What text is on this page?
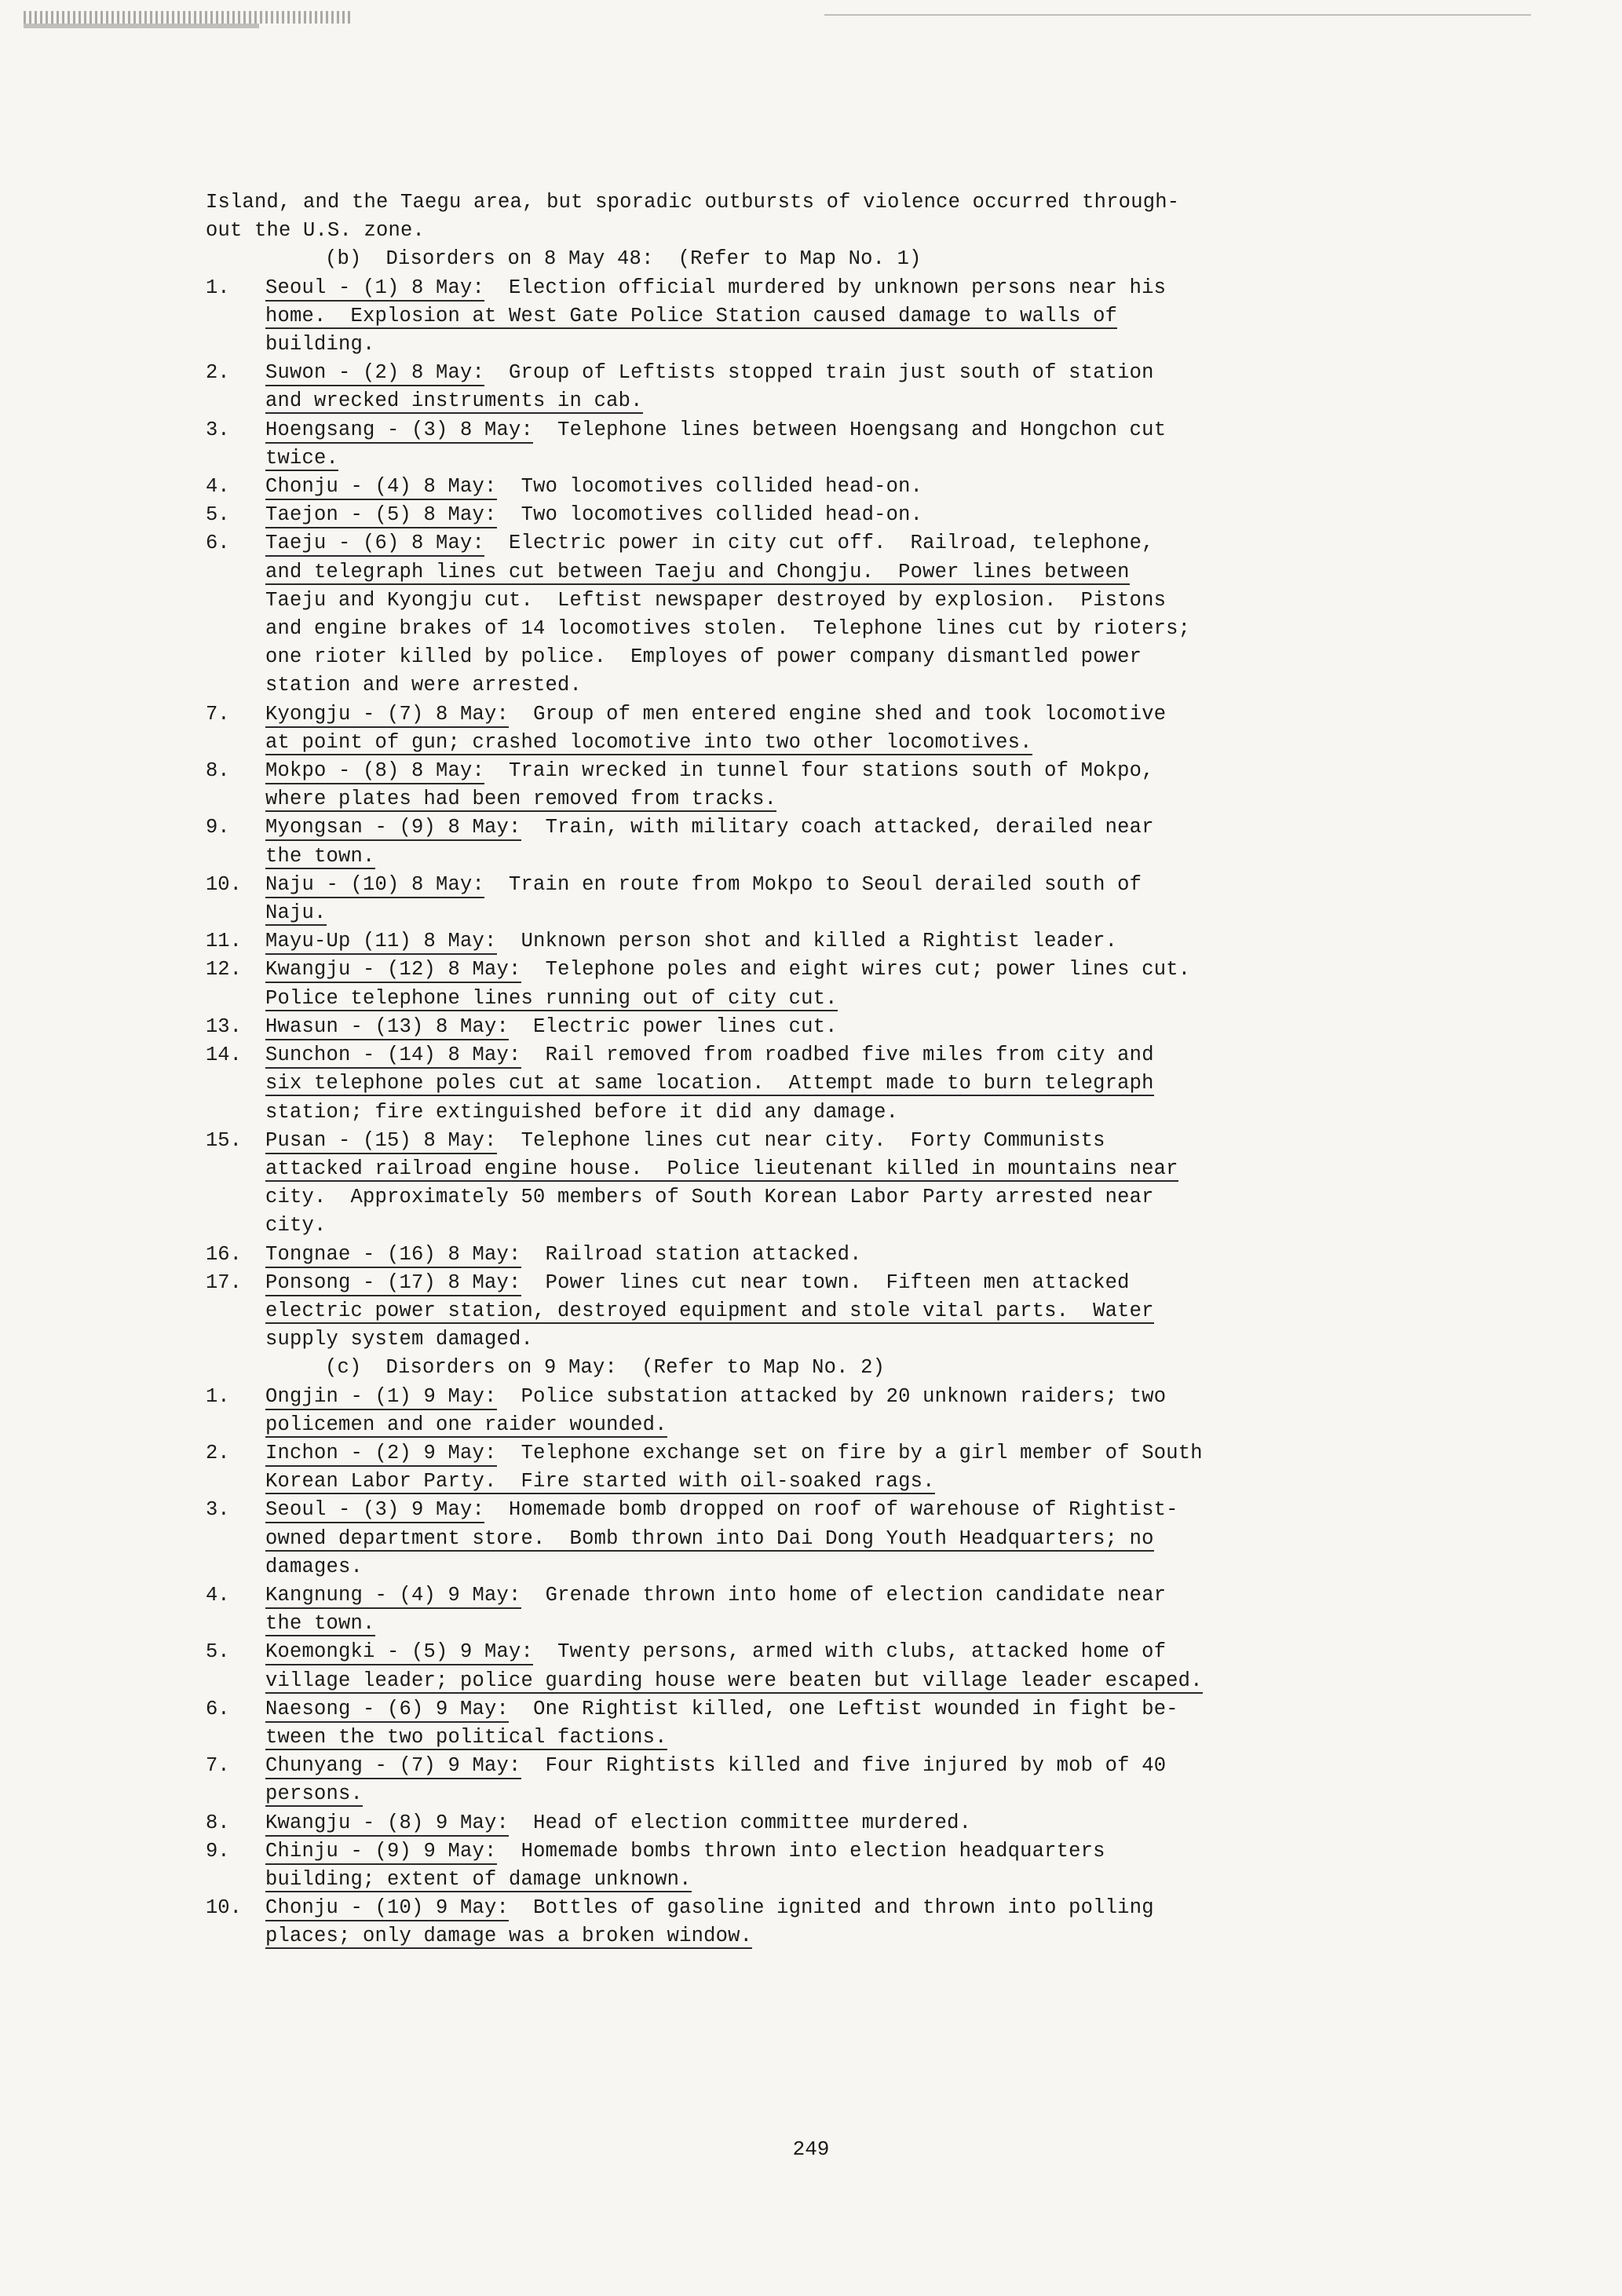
Island, and the Taegu area, but sporadic outbursts of violence occurred through-
out the U.S. zone.
(b)  Disorders on 8 May 48:  (Refer to Map No. 1)
1.	Seoul - (1) 8 May:  Election official murdered by unknown persons near his
home.  Explosion at West Gate Police Station caused damage to walls of
building.
2.	Suwon - (2) 8 May:  Group of Leftists stopped train just south of station
and wrecked instruments in cab.
3.	Hoengsang - (3) 8 May:  Telephone lines between Hoengsang and Hongchon cut
twice.
4.	Chonju - (4) 8 May:  Two locomotives collided head-on.
5.	Taejon - (5) 8 May:  Two locomotives collided head-on.
6.	Taeju - (6) 8 May:  Electric power in city cut off.  Railroad, telephone,
and telegraph lines cut between Taeju and Chongju.  Power lines between
Taeju and Kyongju cut.  Leftist newspaper destroyed by explosion.  Pistons
and engine brakes of 14 locomotives stolen.  Telephone lines cut by rioters;
one rioter killed by police.  Employes of power company dismantled power
station and were arrested.
7.	Kyongju - (7) 8 May:  Group of men entered engine shed and took locomotive
at point of gun; crashed locomotive into two other locomotives.
8.	Mokpo - (8) 8 May:  Train wrecked in tunnel four stations south of Mokpo,
where plates had been removed from tracks.
9.	Myongsan - (9) 8 May:  Train, with military coach attacked, derailed near
the town.
10.	Naju - (10) 8 May:  Train en route from Mokpo to Seoul derailed south of
Naju.
11.	Mayu-Up (11) 8 May:  Unknown person shot and killed a Rightist leader.
12.	Kwangju - (12) 8 May:  Telephone poles and eight wires cut; power lines cut.
Police telephone lines running out of city cut.
13.	Hwasun - (13) 8 May:  Electric power lines cut.
14.	Sunchon - (14) 8 May:  Rail removed from roadbed five miles from city and
six telephone poles cut at same location.  Attempt made to burn telegraph
station; fire extinguished before it did any damage.
15.	Pusan - (15) 8 May:  Telephone lines cut near city.  Forty Communists
attacked railroad engine house.  Police lieutenant killed in mountains near
city.  Approximately 50 members of South Korean Labor Party arrested near
city.
16.	Tongnae - (16) 8 May:  Railroad station attacked.
17.	Ponsong - (17) 8 May:  Power lines cut near town.  Fifteen men attacked
electric power station, destroyed equipment and stole vital parts.  Water
supply system damaged.
(c)  Disorders on 9 May:  (Refer to Map No. 2)
1.	Ongjin - (1) 9 May:  Police substation attacked by 20 unknown raiders; two
policemen and one raider wounded.
2.	Inchon - (2) 9 May:  Telephone exchange set on fire by a girl member of South
Korean Labor Party.  Fire started with oil-soaked rags.
3.	Seoul - (3) 9 May:  Homemade bomb dropped on roof of warehouse of Rightist-
owned department store.  Bomb thrown into Dai Dong Youth Headquarters; no
damages.
4.	Kangnung - (4) 9 May:  Grenade thrown into home of election candidate near
the town.
5.	Koemongki - (5) 9 May:  Twenty persons, armed with clubs, attacked home of
village leader; police guarding house were beaten but village leader escaped.
6.	Naesong - (6) 9 May:  One Rightist killed, one Leftist wounded in fight be-
tween the two political factions.
7.	Chunyang - (7) 9 May:  Four Rightists killed and five injured by mob of 40
persons.
8.	Kwangju - (8) 9 May:  Head of election committee murdered.
9.	Chinju - (9) 9 May:  Homemade bombs thrown into election headquarters
building; extent of damage unknown.
10.	Chonju - (10) 9 May:  Bottles of gasoline ignited and thrown into polling
places; only damage was a broken window.
249
